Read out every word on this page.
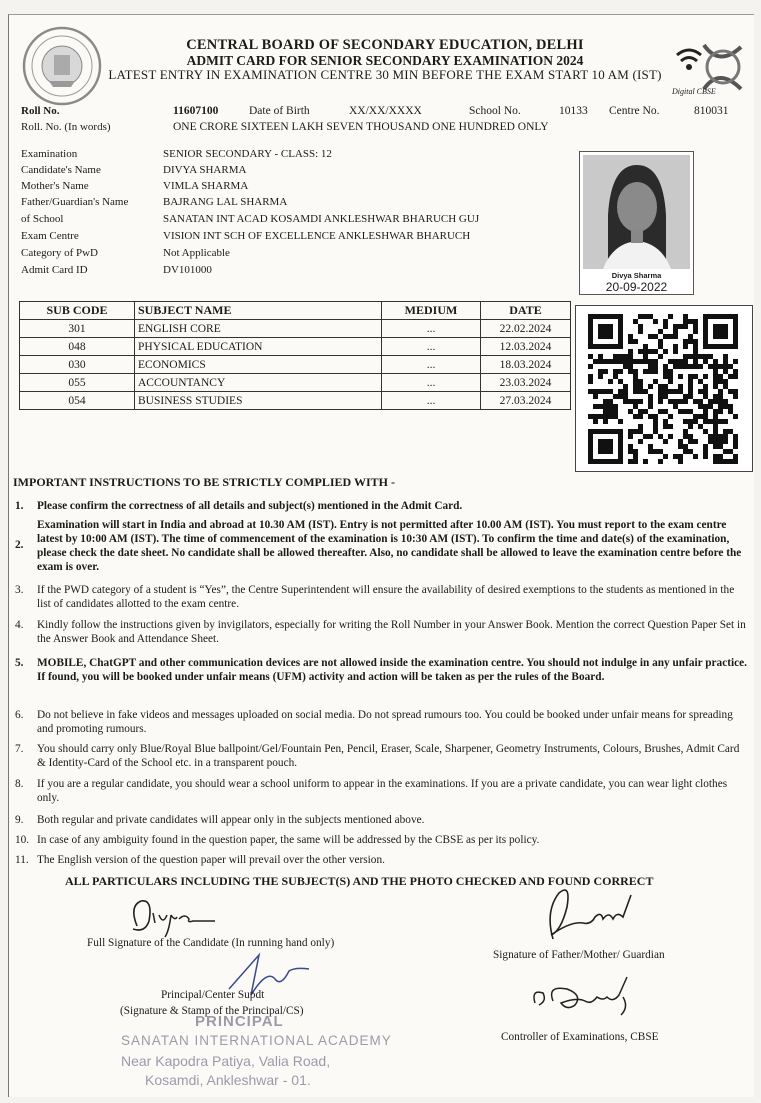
Digital CBSE
CENTRAL BOARD OF SECONDARY EDUCATION, DELHI
ADMIT CARD FOR SENIOR SECONDARY EXAMINATION 2024
LATEST ENTRY IN EXAMINATION CENTRE 30 MIN BEFORE THE EXAM START 10 AM (IST)
Roll No.	11607100	Date of Birth	XX/XX/XXXX	School No.	10133 Centre No.	810031
Roll. No. (In words)	ONE CRORE SIXTEEN LAKH SEVEN THOUSAND ONE HUNDRED ONLY
Examination	SENIOR SECONDARY - CLASS: 12
Candidate's Name	DIVYA SHARMA
Mother's Name	VIMLA SHARMA
Father/Guardian's Name	BAJRANG LAL SHARMA
of School	SANATAN INT ACAD KOSAMDI ANKLESHWAR BHARUCH GUJ
Exam Centre	VISION INT SCH OF EXCELLENCE ANKLESHWAR BHARUCH
Category of PwD	Not Applicable
Admit Card ID	DV101000	Divya Sharma
20-09-2022
SUB CODE	SUBJECT NAME	MEDIUM	DATE
301	ENGLISH CORE	...	22.02.2024
048	PHYSICAL EDUCATION	...	12.03.2024
030	ECONOMICS	...	18.03.2024
055	ACCOUNTANCY	...	23.03.2024
054	BUSINESS STUDIES	...	27.03.2024
IMPORTANT INSTRUCTIONS TO BE STRICTLY COMPLIED WITH -
1.	Please confirm the correctness of all details and subject(s) mentioned in the Admit Card.
2.
Examination will start in India and abroad at 10.30 AM (IST). Entry is not permitted after 10.00 AM (IST). You must report to the exam centre latest by 10:00 AM (IST). The time of commencement of the examination is 10:30 AM (IST). To confirm the time and date(s) of the examination, please check the date sheet. No candidate shall be allowed thereafter. Also, no candidate shall be allowed to leave the examination centre before the exam is over.
3.	If the PWD category of a student is “Yes”, the Centre Superintendent will ensure the availability of desired exemptions to the students as mentioned in the list of candidates allotted to the exam centre.
4.	Kindly follow the instructions given by invigilators, especially for writing the Roll Number in your Answer Book. Mention the correct Question Paper Set in the Answer Book and Attendance Sheet.
5.	MOBILE, ChatGPT and other communication devices are not allowed inside the examination centre. You should not indulge in any unfair practice. If found, you will be booked under unfair means (UFM) activity and action will be taken as per the rules of the Board.
6.	Do not believe in fake videos and messages uploaded on social media. Do not spread rumours too. You could be booked under unfair means for spreading and promoting rumours.
7.	You should carry only Blue/Royal Blue ballpoint/Gel/Fountain Pen, Pencil, Eraser, Scale, Sharpener, Geometry Instruments, Colours, Brushes, Admit Card & Identity-Card of the School etc. in a transparent pouch.
8.	If you are a regular candidate, you should wear a school uniform to appear in the examinations. If you are a private candidate, you can wear light clothes only.
9.	Both regular and private candidates will appear only in the subjects mentioned above.
10. In case of any ambiguity found in the question paper, the same will be addressed by the CBSE as per its policy.
11. The English version of the question paper will prevail over the other version.
ALL PARTICULARS INCLUDING THE SUBJECT(S) AND THE PHOTO CHECKED AND FOUND CORRECT
Full Signature of the Candidate (In running hand only)
Signature of Father/Mother/ Guardian
Principal/Center Supdt
(Signature & Stamp of the Principal/CS)
Controller of Examinations, CBSE
PRINCIPAL
SANATAN INTERNATIONAL ACADEMY
Near Kapodra Patiya, Valia Road,
Kosamdi, Ankleshwar - 01.
